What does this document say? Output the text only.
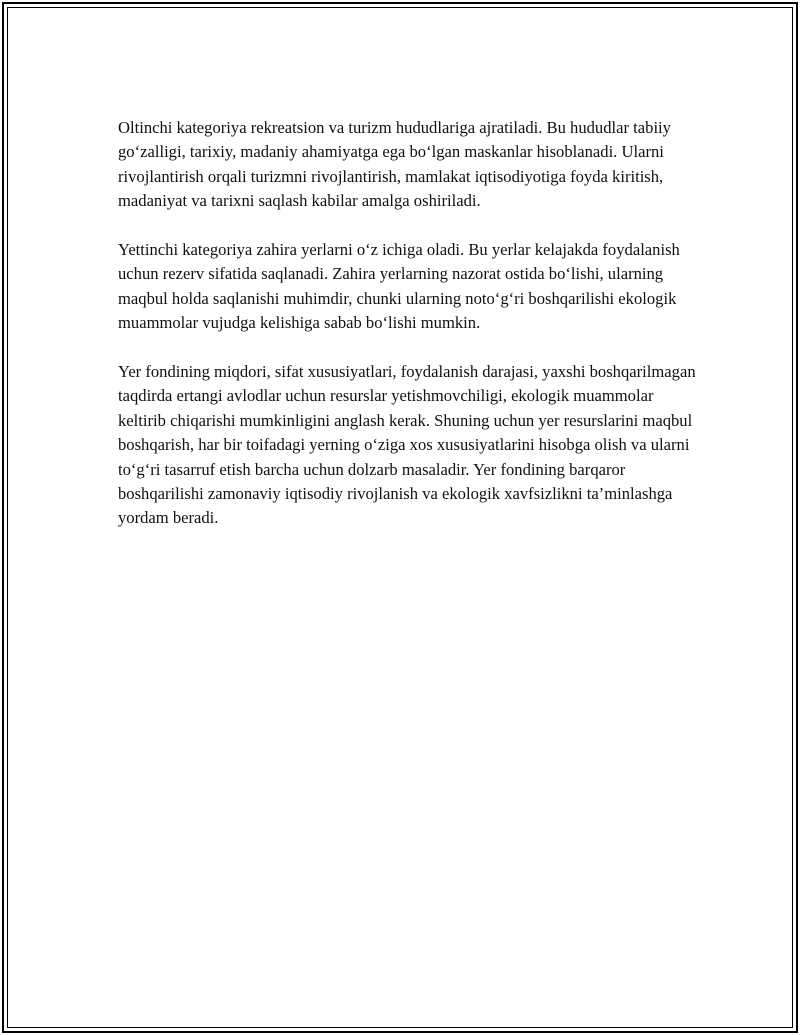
Oltinchi kategoriya rekreatsion va turizm hududlariga ajratiladi. Bu hududlar tabiiy go‘zalligi, tarixiy, madaniy ahamiyatga ega bo‘lgan maskanlar hisoblanadi. Ularni rivojlantirish orqali turizmni rivojlantirish, mamlakat iqtisodiyotiga foyda kiritish, madaniyat va tarixni saqlash kabilar amalga oshiriladi.

Yettinchi kategoriya zahira yerlarni o‘z ichiga oladi. Bu yerlar kelajakda foydalanish uchun rezerv sifatida saqlanadi. Zahira yerlarning nazorat ostida bo‘lishi, ularning maqbul holda saqlanishi muhimdir, chunki ularning noto‘g‘ri boshqarilishi ekologik muammolar vujudga kelishiga sabab bo‘lishi mumkin.

Yer fondining miqdori, sifat xususiyatlari, foydalanish darajasi, yaxshi boshqarilmagan taqdirda ertangi avlodlar uchun resurslar yetishmovchiligi, ekologik muammolar keltirib chiqarishi mumkinligini anglash kerak. Shuning uchun yer resurslarini maqbul boshqarish, har bir toifadagi yerning o‘ziga xos xususiyatlarini hisobga olish va ularni to‘g‘ri tasarruf etish barcha uchun dolzarb masaladir. Yer fondining barqaror boshqarilishi zamonaviy iqtisodiy rivojlanish va ekologik xavfsizlikni ta’minlashga yordam beradi.
